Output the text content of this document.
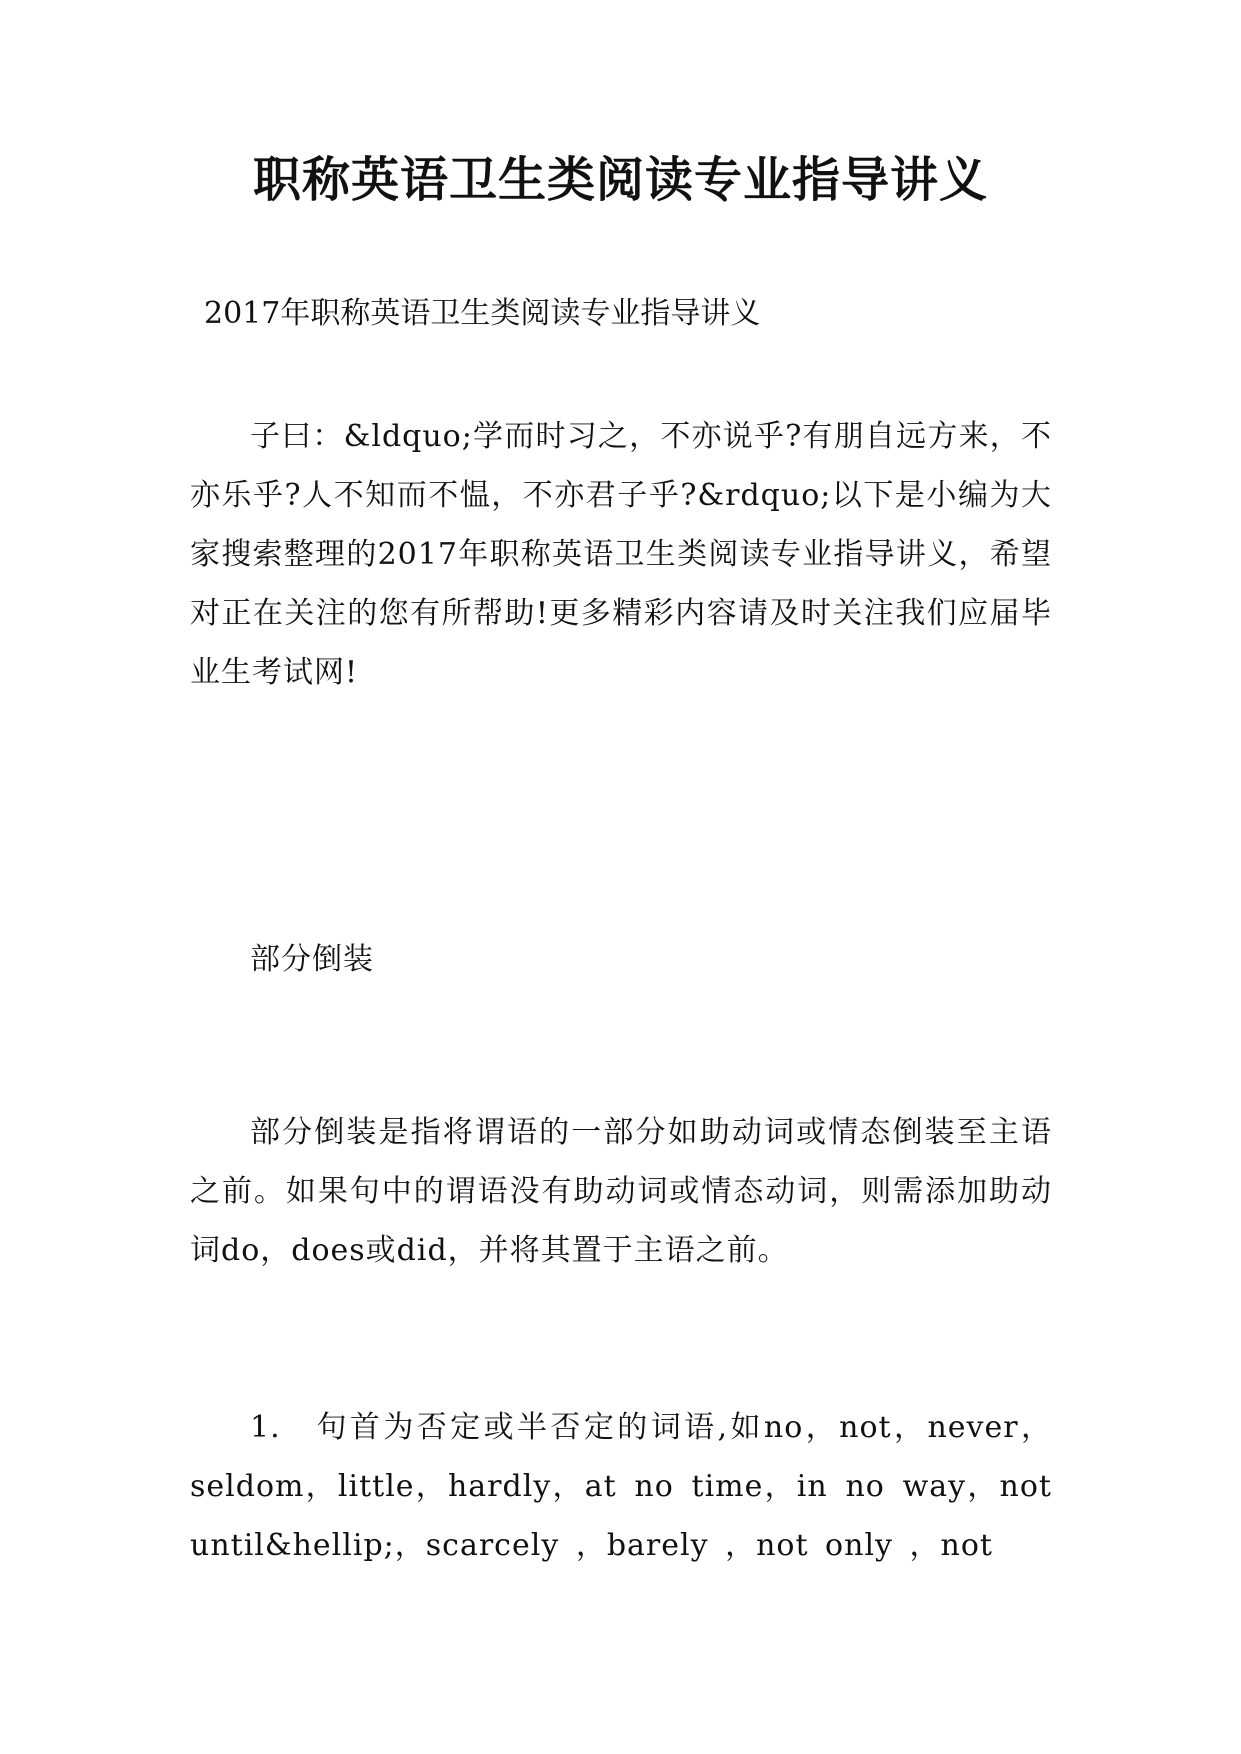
职称英语卫生类阅读专业指导讲义

2017年职称英语卫生类阅读专业指导讲义

子曰：&ldquo;学而时习之，不亦说乎?有朋自远方来，不亦乐乎?人不知而不愠，不亦君子乎?&rdquo;以下是小编为大家搜索整理的2017年职称英语卫生类阅读专业指导讲义，希望对正在关注的您有所帮助!更多精彩内容请及时关注我们应届毕业生考试网!

部分倒装

部分倒装是指将谓语的一部分如助动词或情态倒装至主语之前。如果句中的谓语没有助动词或情态动词，则需添加助动词do，does或did，并将其置于主语之前。

1.　句首为否定或半否定的词语,如no，not，never，seldom，little，hardly，at no time，in no way，not until&hellip;，scarcely ，barely ，not only ，not
